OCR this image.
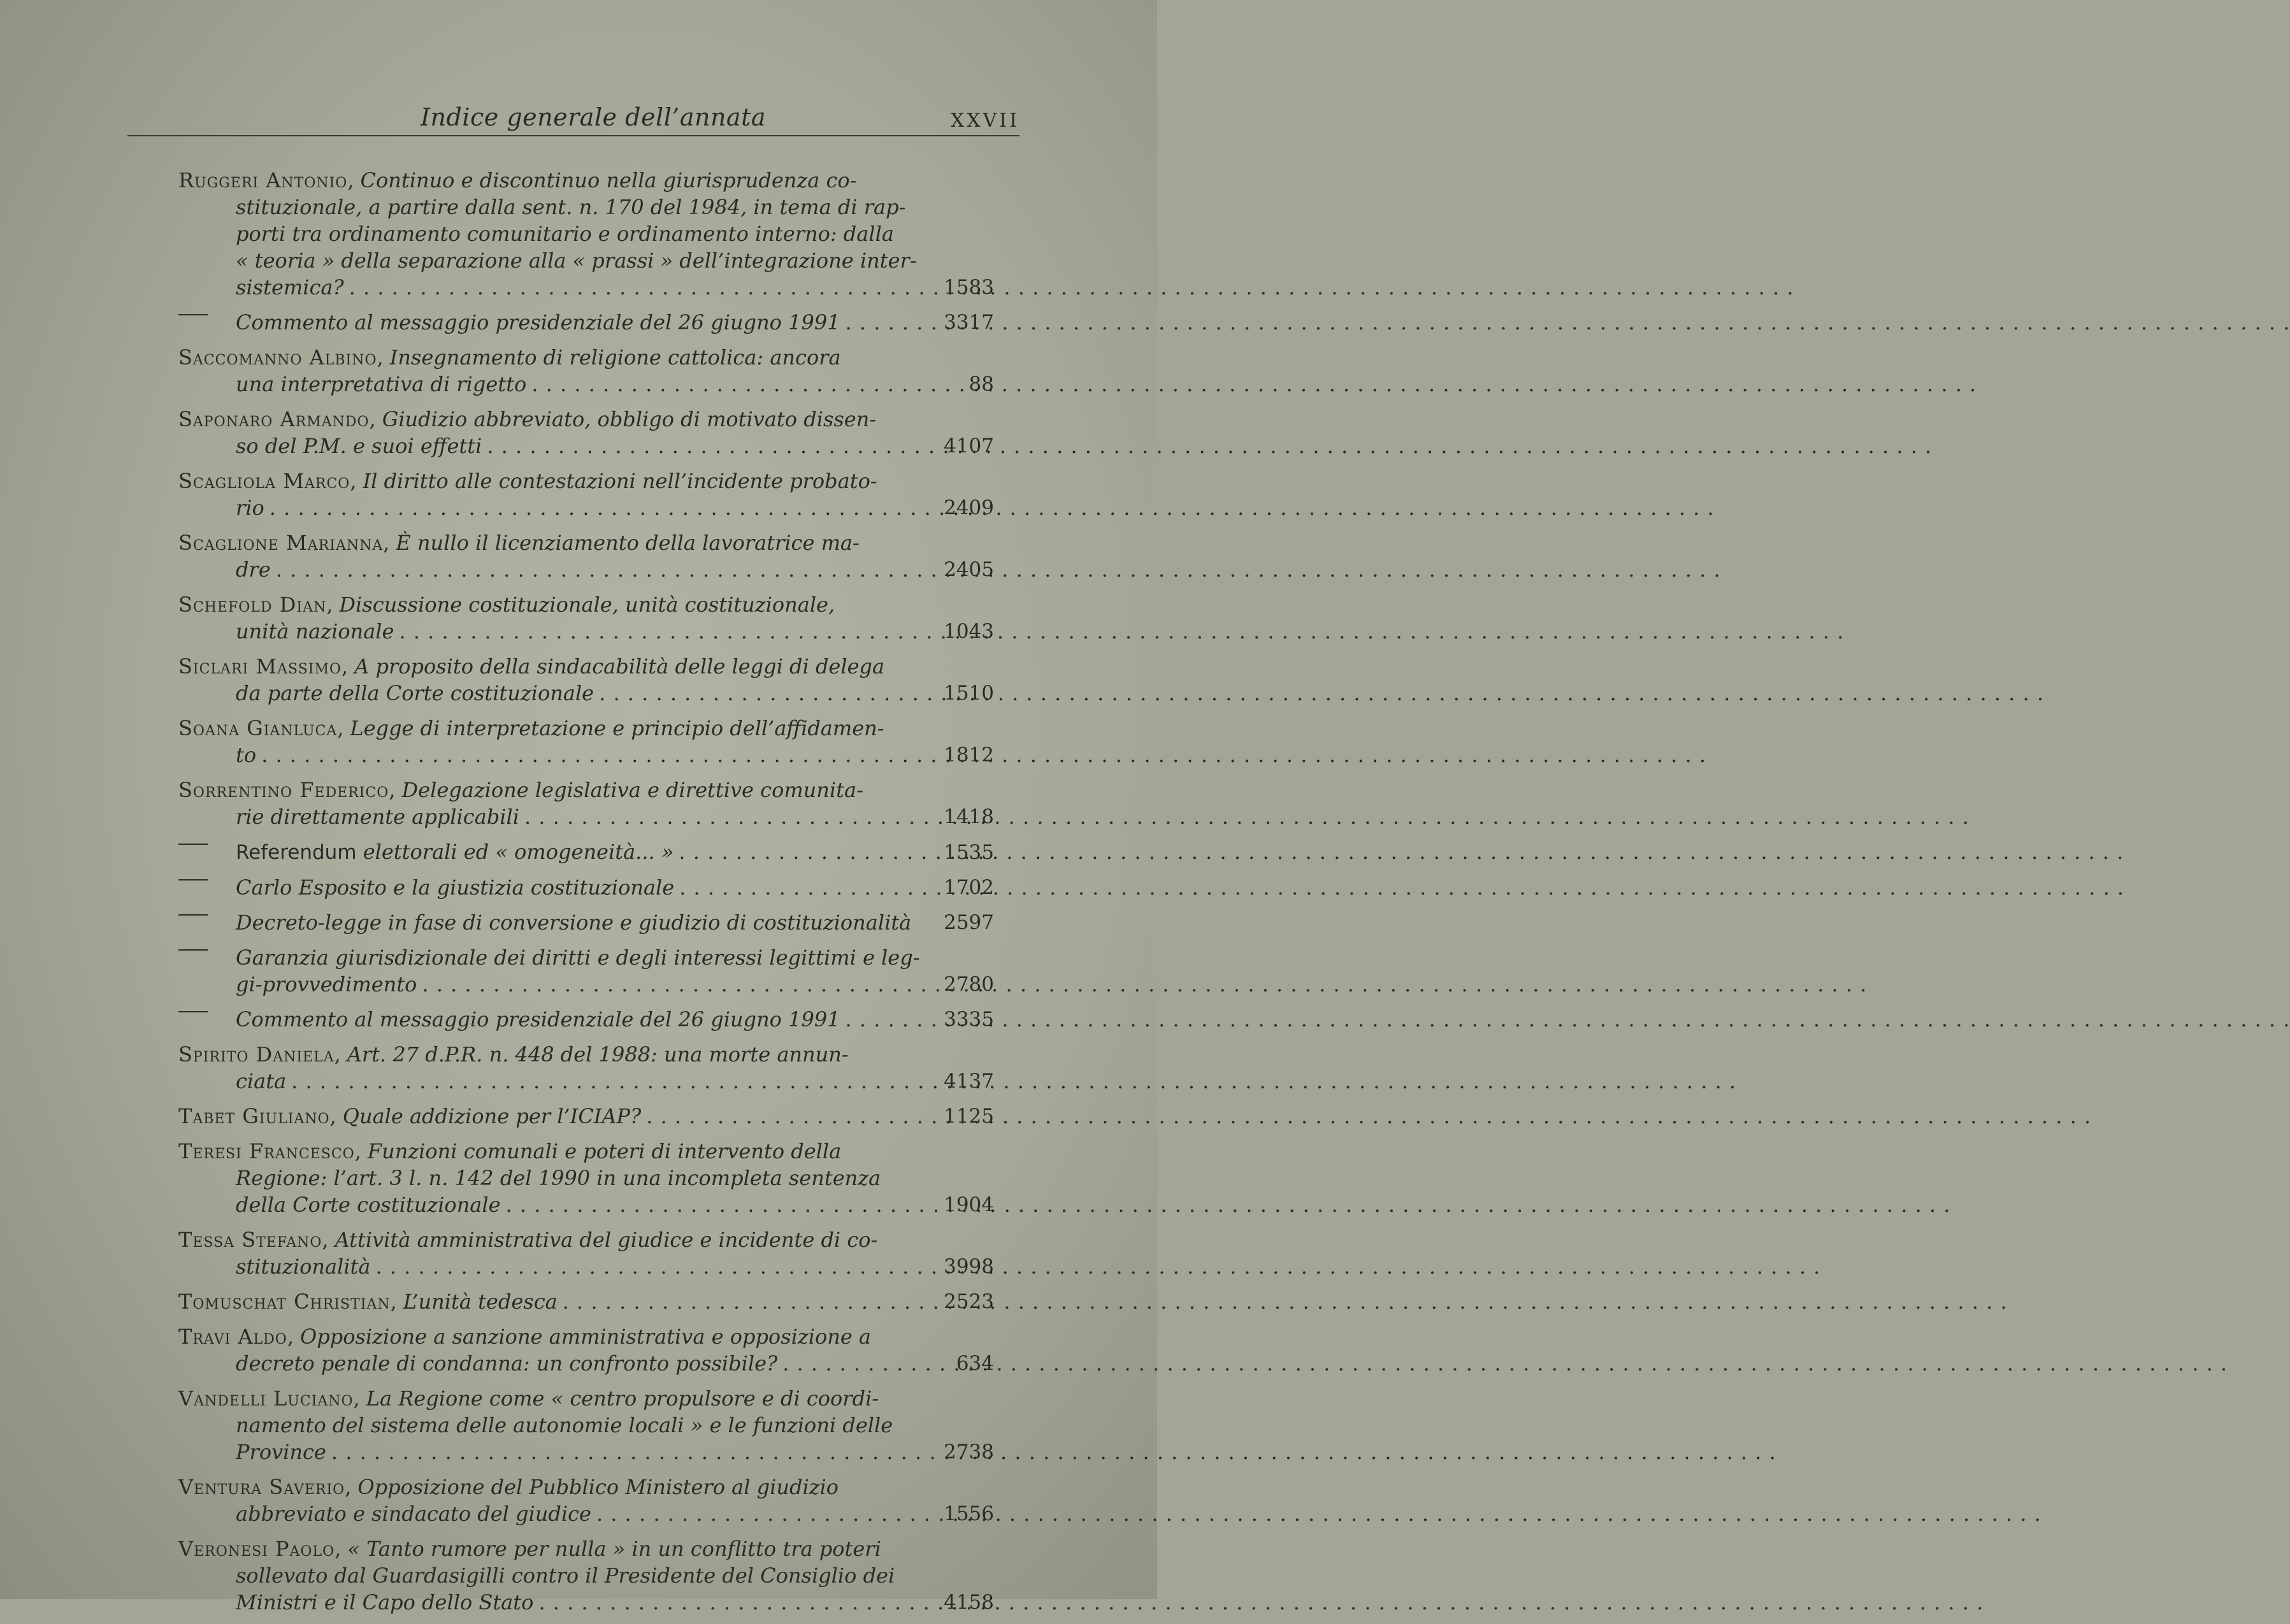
Indice generale dell’annata	XXVII
Ruggeri Antonio, Continuo e discontinuo nella giurisprudenza co-
stituzionale, a partire dalla sent. n. 170 del 1984, in tema di rap-
porti tra ordinamento comunitario e ordinamento interno: dalla
« teoria » della separazione alla « prassi » dell’integrazione inter-
sistemica? . . .	1583
Commento al messaggio presidenziale del 26 giugno 1991 . . .	3317
Saccomanno Albino, Insegnamento di religione cattolica: ancora
una interpretativa di rigetto . . .	88
Saponaro Armando, Giudizio abbreviato, obbligo di motivato dissen-
so del P.M. e suoi effetti . . .	4107
Scagliola Marco, Il diritto alle contestazioni nell’incidente probato-
rio . . .	2409
Scaglione Marianna, È nullo il licenziamento della lavoratrice ma-
dre . . .	2405
Schefold Dian, Discussione costituzionale, unità costituzionale,
unità nazionale . . .	1043
Siclari Massimo, A proposito della sindacabilità delle leggi di delega
da parte della Corte costituzionale . . .	1510
Soana Gianluca, Legge di interpretazione e principio dell’affidamen-
to . . .	1812
Sorrentino Federico, Delegazione legislativa e direttive comunita-
rie direttamente applicabili . . .	1418
Referendum elettorali ed « omogeneità... » . . .	1535
Carlo Esposito e la giustizia costituzionale . . .	1702
Decreto-legge in fase di conversione e giudizio di costituzionalità 2597
Garanzia giurisdizionale dei diritti e degli interessi legittimi e leg-
gi-provvedimento . . .	2780
Commento al messaggio presidenziale del 26 giugno 1991 . . .	3335
Spirito Daniela, Art. 27 d.P.R. n. 448 del 1988: una morte annun-
ciata . . .	4137
Tabet Giuliano, Quale addizione per l’ICIAP? . . .	1125
Teresi Francesco, Funzioni comunali e poteri di intervento della
Regione: l’art. 3 l. n. 142 del 1990 in una incompleta sentenza
della Corte costituzionale . . .	1904
Tessa Stefano, Attività amministrativa del giudice e incidente di co-
stituzionalità . . .	3998
Tomuschat Christian, L’unità tedesca . . .	2523
Travi Aldo, Opposizione a sanzione amministrativa e opposizione a
decreto penale di condanna: un confronto possibile? . . .	634
Vandelli Luciano, La Regione come « centro propulsore e di coordi-
namento del sistema delle autonomie locali » e le funzioni delle
Province . . .	2738
Ventura Saverio, Opposizione del Pubblico Ministero al giudizio
abbreviato e sindacato del giudice . . .	1556
Veronesi Paolo, « Tanto rumore per nulla » in un conflitto tra poteri
sollevato dal Guardasigilli contro il Presidente del Consiglio dei
Ministri e il Capo dello Stato . . .	4158
